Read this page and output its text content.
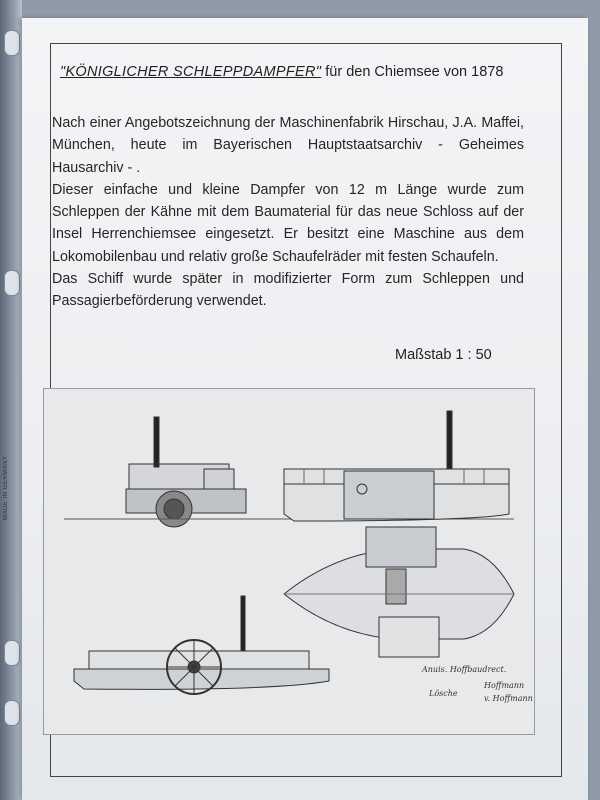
MADE IN GERMANY
"KÖNIGLICHER SCHLEPPDAMPFER" für den Chiemsee von 1878

Nach einer Angebotszeichnung der Maschinenfabrik Hirschau, J.A. Maffei, München, heute im Bayerischen Hauptstaatsarchiv - Geheimes Hausarchiv - .

Dieser einfache und kleine Dampfer von 12 m Länge wurde zum Schleppen der Kähne mit dem Baumaterial für das neue Schloss auf der Insel Herrenchiemsee eingesetzt. Er besitzt eine Maschine aus dem Lokomobilenbau und relativ große Schaufelräder mit festen Schaufeln.

Das Schiff wurde später in modifizierter Form zum Schleppen und Passagierbeförderung verwendet.

Maßstab 1 : 50
Anuis. Hoffbaudrect.
Lösche
Hoffmann
v. Hoffmann
